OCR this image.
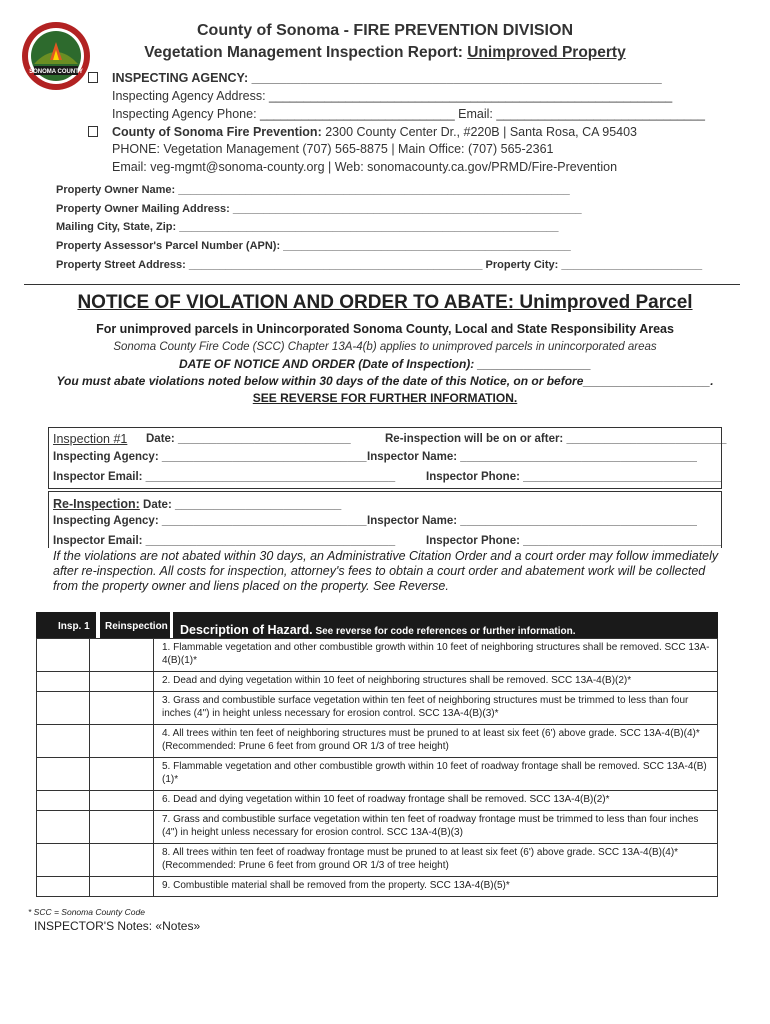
SONOMA COUNTY
County of Sonoma - FIRE PREVENTION DIVISION
Vegetation Management Inspection Report: Unimproved Property
INSPECTING AGENCY: ___________________________________________________________
Inspecting Agency Address: __________________________________________________________
Inspecting Agency Phone: ____________________________ Email: ______________________________
County of Sonoma Fire Prevention: 2300 County Center Dr., #220B | Santa Rosa, CA 95403
PHONE: Vegetation Management (707) 565-8875 | Main Office: (707) 565-2361
Email: veg-mgmt@sonoma-county.org | Web: sonomacounty.ca.gov/PRMD/Fire-Prevention
Property Owner Name: ________________________________________________________________
Property Owner Mailing Address: _________________________________________________________
Mailing City, State, Zip: ______________________________________________________________
Property Assessor's Parcel Number (APN): _______________________________________________
Property Street Address: ________________________________________________ Property City: _______________________
NOTICE OF VIOLATION AND ORDER TO ABATE: Unimproved Parcel
For unimproved parcels in Unincorporated Sonoma County, Local and State Responsibility Areas
Sonoma County Fire Code (SCC) Chapter 13A-4(b) applies to unimproved parcels in unincorporated areas
DATE OF NOTICE AND ORDER (Date of Inspection): _________________
You must abate violations noted below within 30 days of the date of this Notice, on or before___________________.
SEE REVERSE FOR FURTHER INFORMATION.
Inspection #1 Date: ___________________________	Re-inspection will be on or after: _________________________
Inspecting Agency: ________________________________ Inspector Name: _____________________________________
Inspector Email: _______________________________________	Inspector Phone: _______________________________
Re-Inspection: Date: __________________________
Inspecting Agency: ________________________________ Inspector Name: _____________________________________
Inspector Email: _______________________________________	Inspector Phone: _______________________________
If the violations are not abated within 30 days, an Administrative Citation Order and a court order may follow immediately after re-inspection. All costs for inspection, attorney's fees to obtain a court order and abatement work will be collected from the property owner and liens placed on the property. See Reverse.
Insp. 1	Reinspection Description of Hazard. See reverse for code references or further information.
		1. Flammable vegetation and other combustible growth within 10 feet of neighboring structures shall be removed. SCC 13A-4(B)(1)*
		2. Dead and dying vegetation within 10 feet of neighboring structures shall be removed. SCC 13A-4(B)(2)*
		3. Grass and combustible surface vegetation within ten feet of neighboring structures must be trimmed to less than four inches (4") in height unless necessary for erosion control. SCC 13A-4(B)(3)*
		4. All trees within ten feet of neighboring structures must be pruned to at least six feet (6') above grade. SCC 13A-4(B)(4)* (Recommended: Prune 6 feet from ground OR 1/3 of tree height)
		5. Flammable vegetation and other combustible growth within 10 feet of roadway frontage shall be removed. SCC 13A-4(B)(1)*
		6. Dead and dying vegetation within 10 feet of roadway frontage shall be removed. SCC 13A-4(B)(2)*
		7. Grass and combustible surface vegetation within ten feet of roadway frontage must be trimmed to less than four inches (4") in height unless necessary for erosion control. SCC 13A-4(B)(3)
		8. All trees within ten feet of roadway frontage must be pruned to at least six feet (6') above grade. SCC 13A-4(B)(4)* (Recommended: Prune 6 feet from ground OR 1/3 of tree height)
		9. Combustible material shall be removed from the property. SCC 13A-4(B)(5)*
* SCC = Sonoma County Code
INSPECTOR'S Notes: «Notes»
